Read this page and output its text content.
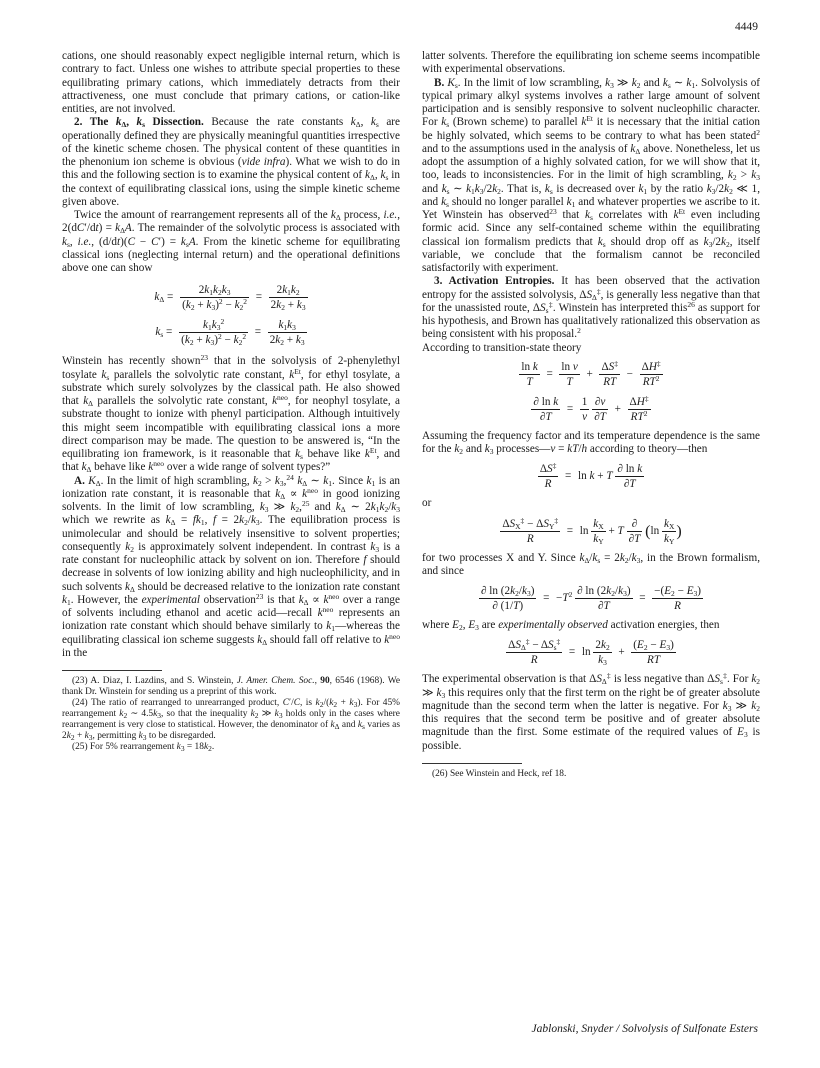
4449

cations, one should reasonably expect negligible internal return, which is contrary to fact. Unless one wishes to attribute special properties to these equilibrating primary cations, which immediately detracts from their attractiveness, one must conclude that primary cations, or cation-like entities, are not involved.

2. The $k_\Delta$, $k_s$ Dissection. Because the rate constants $k_\Delta$, $k_s$ are operationally defined they are physically meaningful quantities irrespective of the kinetic scheme chosen. The physical content of these quantities in the phenonium ion scheme is obvious (vide infra). What we wish to do in this and the following section is to examine the physical content of $k_\Delta$, $k_s$ in the context of equilibrating classical ions, using the simple kinetic scheme given above.

Twice the amount of rearrangement represents all of the $k_\Delta$ process, i.e., $2(dC'/dt) = k_\Delta A$. The remainder of the solvolytic process is associated with $k_s$, i.e., $(d/dt)(C - C') = k_sA$. From the kinetic scheme for equilibrating classical ions (neglecting internal return) and the operational definitions above one can show

$k_\Delta = \frac{2k_1k_2k_3}{(k_2 + k_3)^2 - k_2^2} = \frac{2k_1k_2}{2k_2 + k_3}$
$k_s = \frac{k_1k_3^2}{(k_2 + k_3)^2 - k_2^2} = \frac{k_1k_3}{2k_2 + k_3}$

Winstein has recently shown$^{23}$ that in the solvolysis of 2-phenylethyl tosylate $k_s$ parallels the solvolytic rate constant, $k^{Et}$, for ethyl tosylate, a substrate which surely solvolyzes by the classical path. He also showed that $k_\Delta$ parallels the solvolytic rate constant, $k^{neo}$, for neophyl tosylate, a substrate thought to ionize with phenyl participation. Although intuitively this might seem incompatible with equilibrating classical ions a more direct comparison may be made. The question to be answered is, “In the equilibrating ion framework, is it reasonable that $k_s$ behave like $k^{Et}$, and that $k_\Delta$ behave like $k^{neo}$ over a wide range of solvent types?”

A. $K_\Delta$. In the limit of high scrambling, $k_2 > k_3,^{24}$ $k_\Delta$ ∼ $k_1$. Since $k_1$ is an ionization rate constant, it is reasonable that $k_\Delta \propto k^{neo}$ in good ionizing solvents. In the limit of low scrambling, $k_3$ ≫ $k_2,^{25}$ and $k_\Delta$ ∼ $2k_1k_2/k_3$ which we rewrite as $k_\Delta = fk_1$, $f = 2k_2/k_3$. The equilibration process is unimolecular and should be relatively insensitive to solvent properties; consequently $k_2$ is approximately solvent independent. In contrast $k_3$ is a rate constant for nucleophilic attack by solvent on ion. Therefore f should decrease in solvents of low ionizing ability and high nucleophilicity, and in such solvents $k_\Delta$ should be decreased relative to the ionization rate constant $k_1$. However, the experimental observation$^{23}$ is that $k_\Delta \propto k^{neo}$ over a range of solvents including ethanol and acetic acid—recall $k^{neo}$ represents an ionization rate constant which should behave similarly to $k_1—whereas$ the equilibrating classical ion scheme suggests $k_\Delta$ should fall off relative to $k^{neo}$ in the

(23) A. Diaz, I. Lazdins, and S. Winstein, J. Amer. Chem. Soc., 90, 6546 (1968). We thank Dr. Winstein for sending us a preprint of this work.

(24) The ratio of rearranged to unrearranged product, C′/C, is $k_2/(k_2 + k_3)$. For 45% rearrangement $k_2$ ∼ $4.5k_3$, so that the inequality $k_2$ ≫ $k_3$ holds only in the cases where rearrangement is very close to statistical. However, the denominator of $k_\Delta$ and $k_s$ varies as $2k_2 + k_3$, permitting $k_3$ to be disregarded.

(25) For 5% rearrangement $k_3 = 18k_2$.

latter solvents. Therefore the equilibrating ion scheme seems incompatible with experimental observations.

B. $K_s$. In the limit of low scrambling, $k_3$ ≫ $k_2$ and $k_s$ ∼ $k_1$. Solvolysis of typical primary alkyl systems involves a rather large amount of solvent participation and is sensibly responsive to solvent nucleophilic character. For $k_s$ (Brown scheme) to parallel $k^{Et}$ it is necessary that the initial cation be highly solvated, which seems to be contrary to what has been stated$^2$ and to the assumptions used in the analysis of $k_\Delta$ above. Nonetheless, let us adopt the assumption of a highly solvated cation, for we will show that it, too, leads to inconsistencies. For in the limit of high scrambling, $k_2 > k_3$ and $k_s$ ∼ $k_1k_3/2k_2$. That is, $k_s$ is decreased over $k_1$ by the ratio $k_3/2k_2$ ≪ 1, and $k_s$ should no longer parallel $k_1$ and whatever properties we ascribe to it. Yet Winstein has observed$^{23}$ that $k_s$ correlates with $k^{Et}$ even including formic acid. Since any self-contained scheme within the equilibrating classical ion formalism predicts that $k_s$ should drop off as $k_3/2k_2$, itself variable, we conclude that the formalism cannot be reconciled satisfactorily with experiment.

3. Activation Entropies. It has been observed that the activation entropy for the assisted solvolysis, $\Delta S_\Delta^\ddagger$, is generally less negative than that for the unassisted route, $\Delta S_s^\ddagger$. Winstein has interpreted this$^{26}$ as support for his hypothesis, and Brown has qualitatively rationalized this observation as being consistent with his proposal.$^2$

According to transition-state theory

$\frac{\text{ln k}}{T} = \frac{\text{ln ν}}{T} + \frac{\Delta S^\ddagger}{RT} - \frac{\Delta H^\ddagger}{RT^2}$
$\frac{\text{∂ ln k}}{\partial T} = \frac{1}{\nu}$
$\frac{\partial\nu}{\partial T} + \frac{\Delta H^\ddagger}{RT^2}$

Assuming the frequency factor and its temperature dependence is the same for the $k_2$ and $k_3$ processes—ν = kT/h according to theory—then

$\frac{\Delta S^\ddagger}{R} = \ln k + T \frac{\text{∂ ln k}}{\partial T}$

or

$\frac{\Delta S_X^\ddagger - \Delta S_Y^\ddagger}{R} = \ln \frac{k_X}{k_Y} + T \frac{\partial}{\partial T} (\ln \frac{k_X}{k_Y}$ )

for two processes X and Y. Since $k_\Delta/k_s = 2k_2/k_3$, in the Brown formalism, and since

$\frac{\partial \ln (2k_2/k_3)}{\partial (1/T)} = -T^2 \frac{\partial \ln (2k_2/k_3)}{\partial T} = \frac{-(E_2 - E_3)}{R}$

where $E_2$, $E_3$ are experimentally observed activation energies, then

$\frac{\Delta S_\Delta^\ddagger - \Delta S_s^\ddagger}{R} = \ln \frac{2k_2}{k_3} + \frac{(E_2 - E_3)}{RT}$

The experimental observation is that $\Delta S_\Delta^\ddagger$ is less negative than $\Delta S_s^\ddagger$. For $k_2$ ≫ $k_3$ this requires only that the first term on the right be of greater absolute magnitude than the second term when the latter is negative. For $k_3$ ≫ $k_2$ this requires that the second term be positive and of greater absolute magnitude than the first. Some estimate of the required values of $E_3$ is possible.

(26) See Winstein and Heck, ref 18.

Jablonski, Snyder / Solvolysis of Sulfonate Esters
